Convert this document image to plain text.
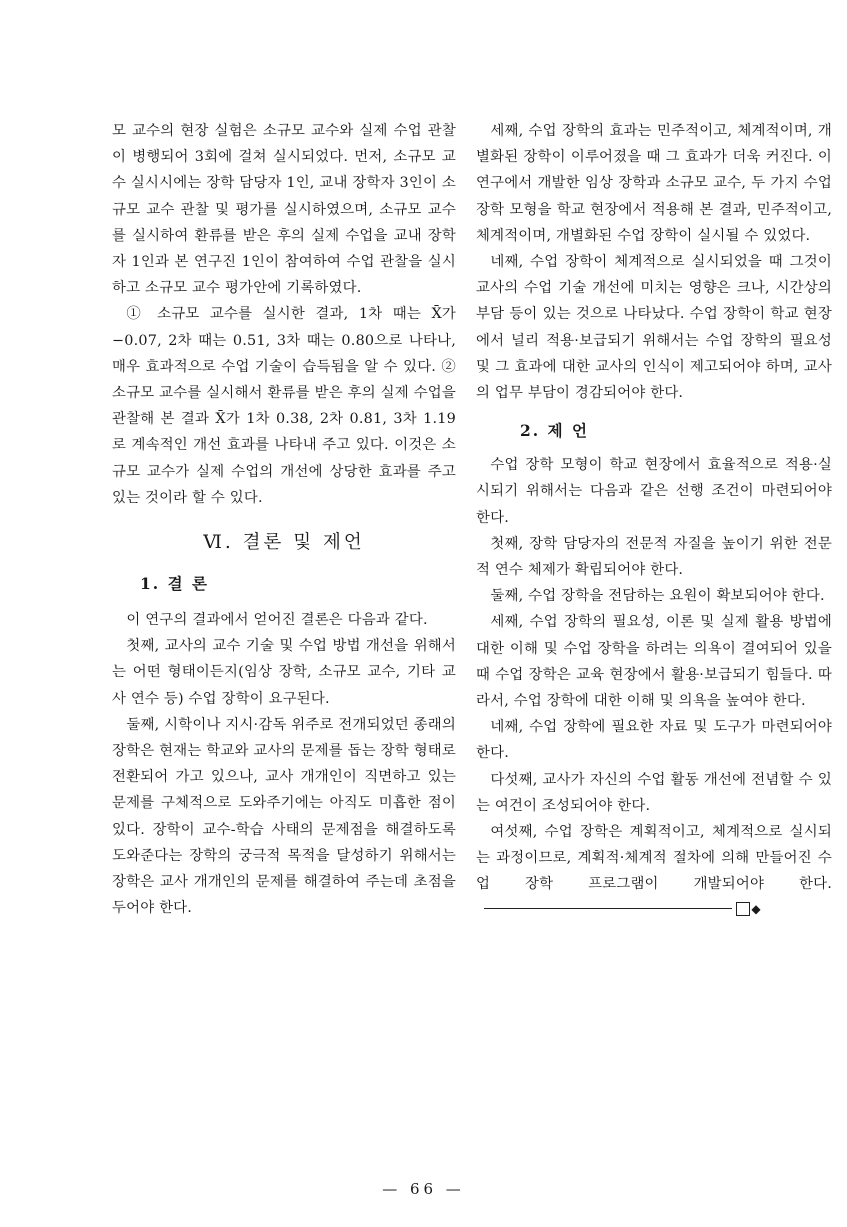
모 교수의 현장 실험은 소규모 교수와 실제 수업 관찰이 병행되어 3회에 걸쳐 실시되었다. 먼저, 소규모 교수 실시시에는 장학 담당자 1인, 교내 장학자 3인이 소규모 교수 관찰 및 평가를 실시하였으며, 소규모 교수를 실시하여 환류를 받은 후의 실제 수업을 교내 장학자 1인과 본 연구진 1인이 참여하여 수업 관찰을 실시하고 소규모 교수 평가안에 기록하였다.

① 소규모 교수를 실시한 결과, 1차 때는 X̄가 −0.07, 2차 때는 0.51, 3차 때는 0.80으로 나타나, 매우 효과적으로 수업 기술이 습득됨을 알 수 있다. ② 소규모 교수를 실시해서 환류를 받은 후의 실제 수업을 관찰해 본 결과 X̄가 1차 0.38, 2차 0.81, 3차 1.19로 계속적인 개선 효과를 나타내 주고 있다. 이것은 소규모 교수가 실제 수업의 개선에 상당한 효과를 주고 있는 것이라 할 수 있다.

Ⅵ. 결론 및 제언
1. 결 론

이 연구의 결과에서 얻어진 결론은 다음과 같다.

첫째, 교사의 교수 기술 및 수업 방법 개선을 위해서는 어떤 형태이든지(임상 장학, 소규모 교수, 기타 교사 연수 등) 수업 장학이 요구된다.

둘째, 시학이나 지시·감독 위주로 전개되었던 종래의 장학은 현재는 학교와 교사의 문제를 돕는 장학 형태로 전환되어 가고 있으나, 교사 개개인이 직면하고 있는 문제를 구체적으로 도와주기에는 아직도 미흡한 점이 있다. 장학이 교수-학습 사태의 문제점을 해결하도록 도와준다는 장학의 궁극적 목적을 달성하기 위해서는 장학은 교사 개개인의 문제를 해결하여 주는데 초점을 두어야 한다.

세째, 수업 장학의 효과는 민주적이고, 체계적이며, 개별화된 장학이 이루어졌을 때 그 효과가 더욱 커진다. 이 연구에서 개발한 임상 장학과 소규모 교수, 두 가지 수업 장학 모형을 학교 현장에서 적용해 본 결과, 민주적이고, 체계적이며, 개별화된 수업 장학이 실시될 수 있었다.

네째, 수업 장학이 체계적으로 실시되었을 때 그것이 교사의 수업 기술 개선에 미치는 영향은 크나, 시간상의 부담 등이 있는 것으로 나타났다. 수업 장학이 학교 현장에서 널리 적용·보급되기 위해서는 수업 장학의 필요성 및 그 효과에 대한 교사의 인식이 제고되어야 하며, 교사의 업무 부담이 경감되어야 한다.

2. 제 언

수업 장학 모형이 학교 현장에서 효율적으로 적용·실시되기 위해서는 다음과 같은 선행 조건이 마련되어야 한다.

첫째, 장학 담당자의 전문적 자질을 높이기 위한 전문적 연수 체제가 확립되어야 한다.

둘째, 수업 장학을 전담하는 요원이 확보되어야 한다.

세째, 수업 장학의 필요성, 이론 및 실제 활용 방법에 대한 이해 및 수업 장학을 하려는 의욕이 결여되어 있을 때 수업 장학은 교육 현장에서 활용·보급되기 힘들다. 따라서, 수업 장학에 대한 이해 및 의욕을 높여야 한다.

네째, 수업 장학에 필요한 자료 및 도구가 마련되어야 한다.

다섯째, 교사가 자신의 수업 활동 개선에 전념할 수 있는 여건이 조성되어야 한다.

여섯째, 수업 장학은 계획적이고, 체계적으로 실시되는 과정이므로, 계획적·체계적 절차에 의해 만들어진 수업 장학 프로그램이 개발되어야 한다.◆

— 66 —
